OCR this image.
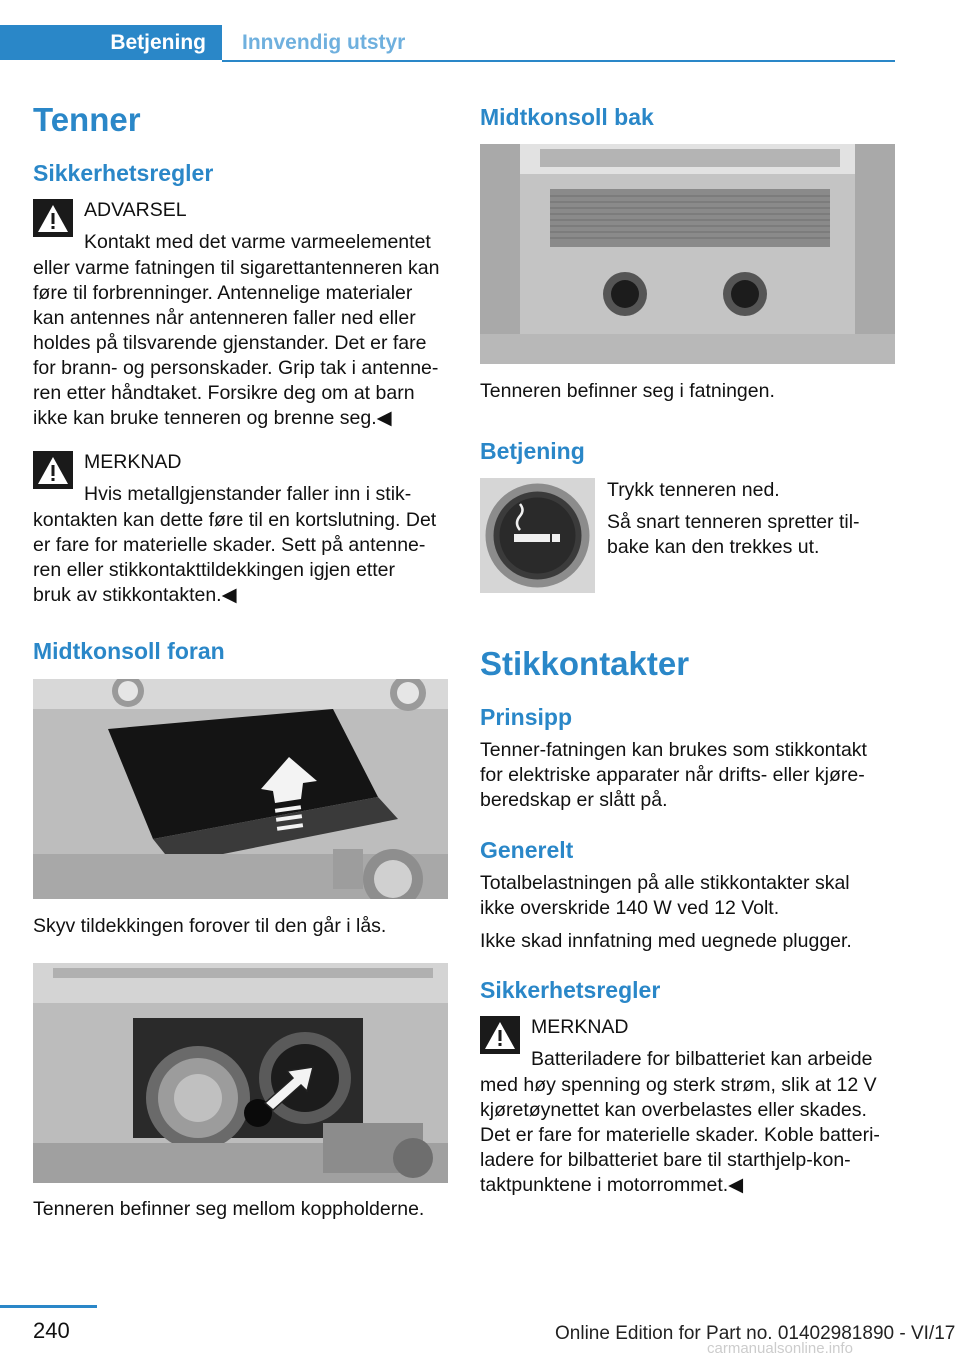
Betjening	Innvendig utstyr
Tenner
Sikkerhetsregler
ADVARSEL
Kontakt med det varme varmeelementet
eller varme fatningen til sigarettantenneren kan
føre til forbrenninger. Antennelige materialer
kan antennes når antenneren faller ned eller
holdes på tilsvarende gjenstander. Det er fare
for brann- og personskader. Grip tak i antenne‐
ren etter håndtaket. Forsikre deg om at barn
ikke kan bruke tenneren og brenne seg.◀
MERKNAD
Hvis metallgjenstander faller inn i stik‐
kontakten kan dette føre til en kortslutning. Det
er fare for materielle skader. Sett på antenne‐
ren eller stikkontakttildekkingen igjen etter
bruk av stikkontakten.◀
Midtkonsoll foran
Skyv tildekkingen forover til den går i lås.
Tenneren befinner seg mellom koppholderne.
Midtkonsoll bak
Tenneren befinner seg i fatningen.
Betjening
Trykk tenneren ned.
Så snart tenneren spretter til‐
bake kan den trekkes ut.
Stikkontakter
Prinsipp
Tenner-fatningen kan brukes som stikkontakt
for elektriske apparater når drifts- eller kjøre‐
beredskap er slått på.
Generelt
Totalbelastningen på alle stikkontakter skal
ikke overskride 140 W ved 12 Volt.
Ikke skad innfatning med uegnede plugger.
Sikkerhetsregler
MERKNAD
Batteriladere for bilbatteriet kan arbeide
med høy spenning og sterk strøm, slik at 12 V
kjøretøynettet kan overbelastes eller skades.
Det er fare for materielle skader. Koble batteri‐
ladere for bilbatteriet bare til starthjelp-kon‐
taktpunktene i motorrommet.◀
240	Online Edition for Part no. 01402981890 - VI/17
carmanualsonline.info
